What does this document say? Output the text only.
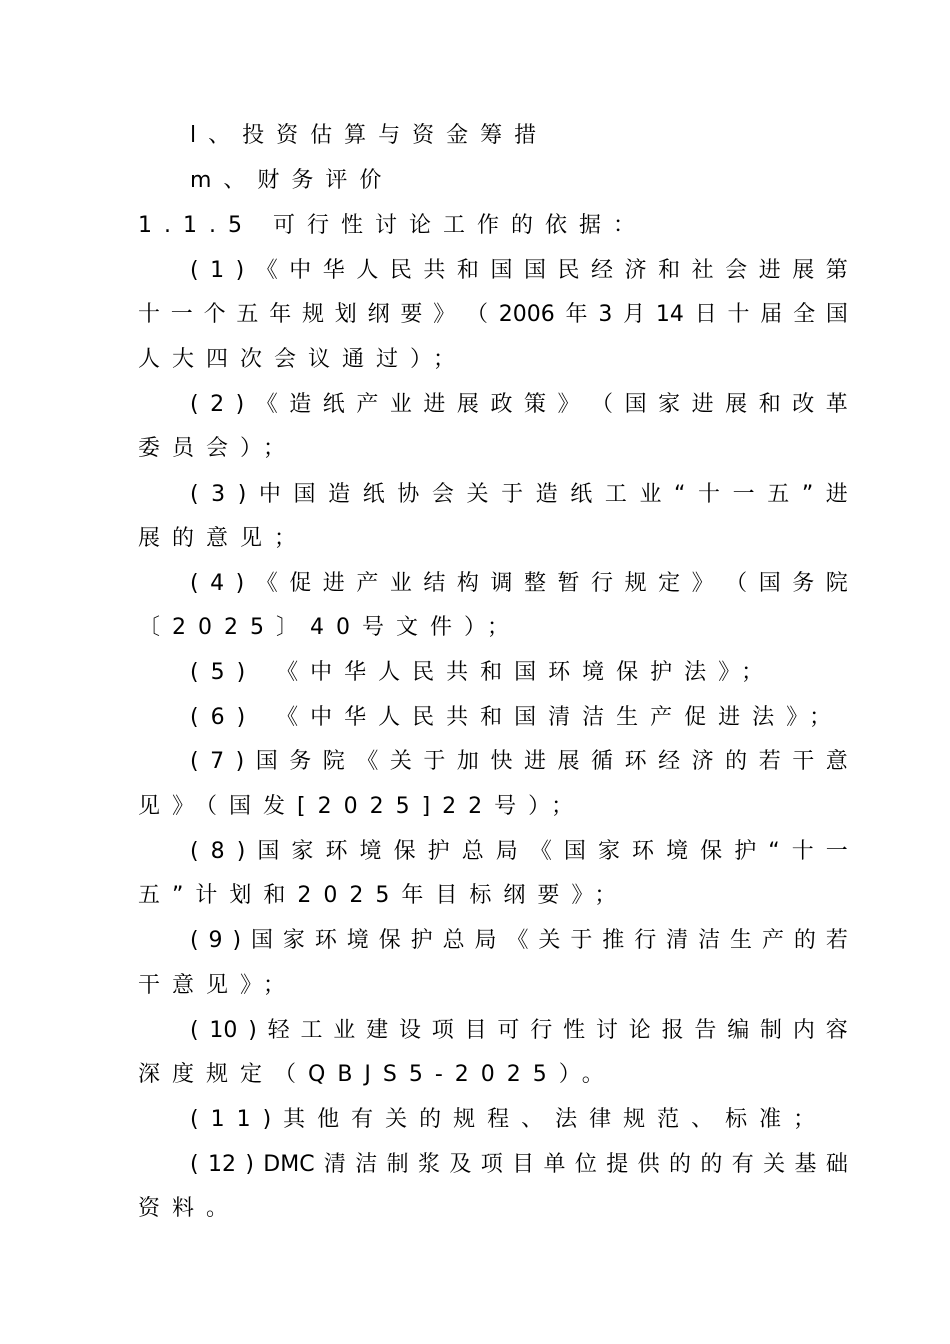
l、投资估算与资金筹措
m、财务评价
1.1.5 可行性讨论工作的依据：
( 1 ) 《 中 华 人 民 共 和 国 国 民 经 济 和 社 会 进 展 第
十 一 个 五 年 规 划 纲 要 》 （ 2006 年 3 月 14 日 十 届 全 国
人大四次会议通过）；
( 2 ) 《 造 纸 产 业 进 展 政 策 》 （ 国 家 进 展 和 改 革
委员会）；
( 3 ) 中 国 造 纸 协 会 关 于 造 纸 工 业 “ 十 一 五 ” 进
展的意见；
( 4 ) 《 促 进 产 业 结 构 调 整 暂 行 规 定 》 （ 国 务 院
〔2025〕40号文件）；
(5) 《中华人民共和国环境保护法》；
(6) 《中华人民共和国清洁生产促进法》；
( 7 ) 国 务 院 《 关 于 加 快 进 展 循 环 经 济 的 若 干 意
见》（国发[2025]22号）；
( 8 ) 国 家 环 境 保 护 总 局 《 国 家 环 境 保 护 “ 十 一
五”计划和2025年目标纲要》；
( 9 ) 国 家 环 境 保 护 总 局 《 关 于 推 行 清 洁 生 产 的 若
干意见》；
( 10 ) 轻 工 业 建 设 项 目 可 行 性 讨 论 报 告 编 制 内 容
深度规定（QBJS5-2025）。
(11)其他有关的规程、法律规范、标准；
( 12 ) DMC 清 洁 制 浆 及 项 目 单 位 提 供 的 的 有 关 基 础
资料。
